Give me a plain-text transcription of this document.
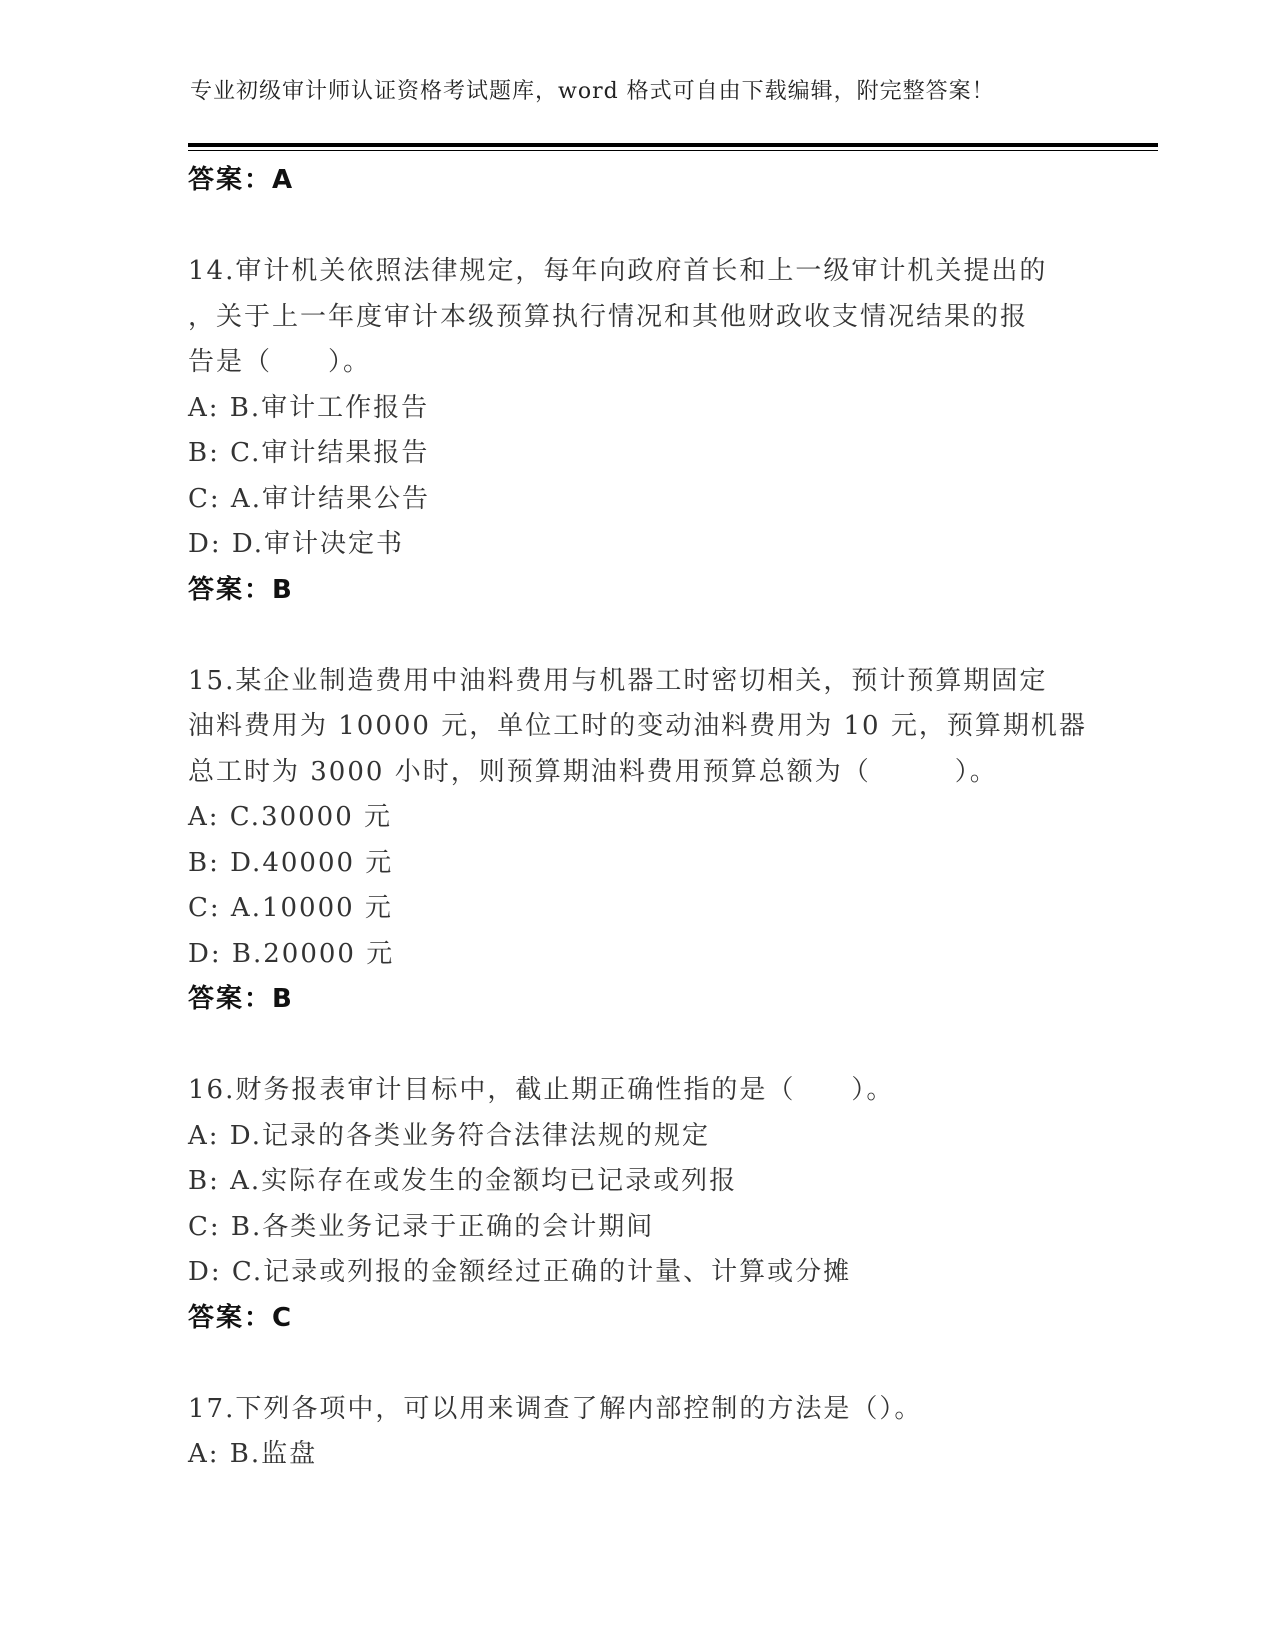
专业初级审计师认证资格考试题库，word 格式可自由下载编辑，附完整答案！
答案：A
14.审计机关依照法律规定，每年向政府首长和上一级审计机关提出的
，关于上一年度审计本级预算执行情况和其他财政收支情况结果的报
告是（　　）。
A: B.审计工作报告
B: C.审计结果报告
C: A.审计结果公告
D: D.审计决定书
答案：B
15.某企业制造费用中油料费用与机器工时密切相关，预计预算期固定
油料费用为 10000 元，单位工时的变动油料费用为 10 元，预算期机器
总工时为 3000 小时，则预算期油料费用预算总额为（　　　）。
A: C.30000 元
B: D.40000 元
C: A.10000 元
D: B.20000 元
答案：B
16.财务报表审计目标中，截止期正确性指的是（　　）。
A: D.记录的各类业务符合法律法规的规定
B: A.实际存在或发生的金额均已记录或列报
C: B.各类业务记录于正确的会计期间
D: C.记录或列报的金额经过正确的计量、计算或分摊
答案：C
17.下列各项中，可以用来调查了解内部控制的方法是（）。
A: B.监盘
